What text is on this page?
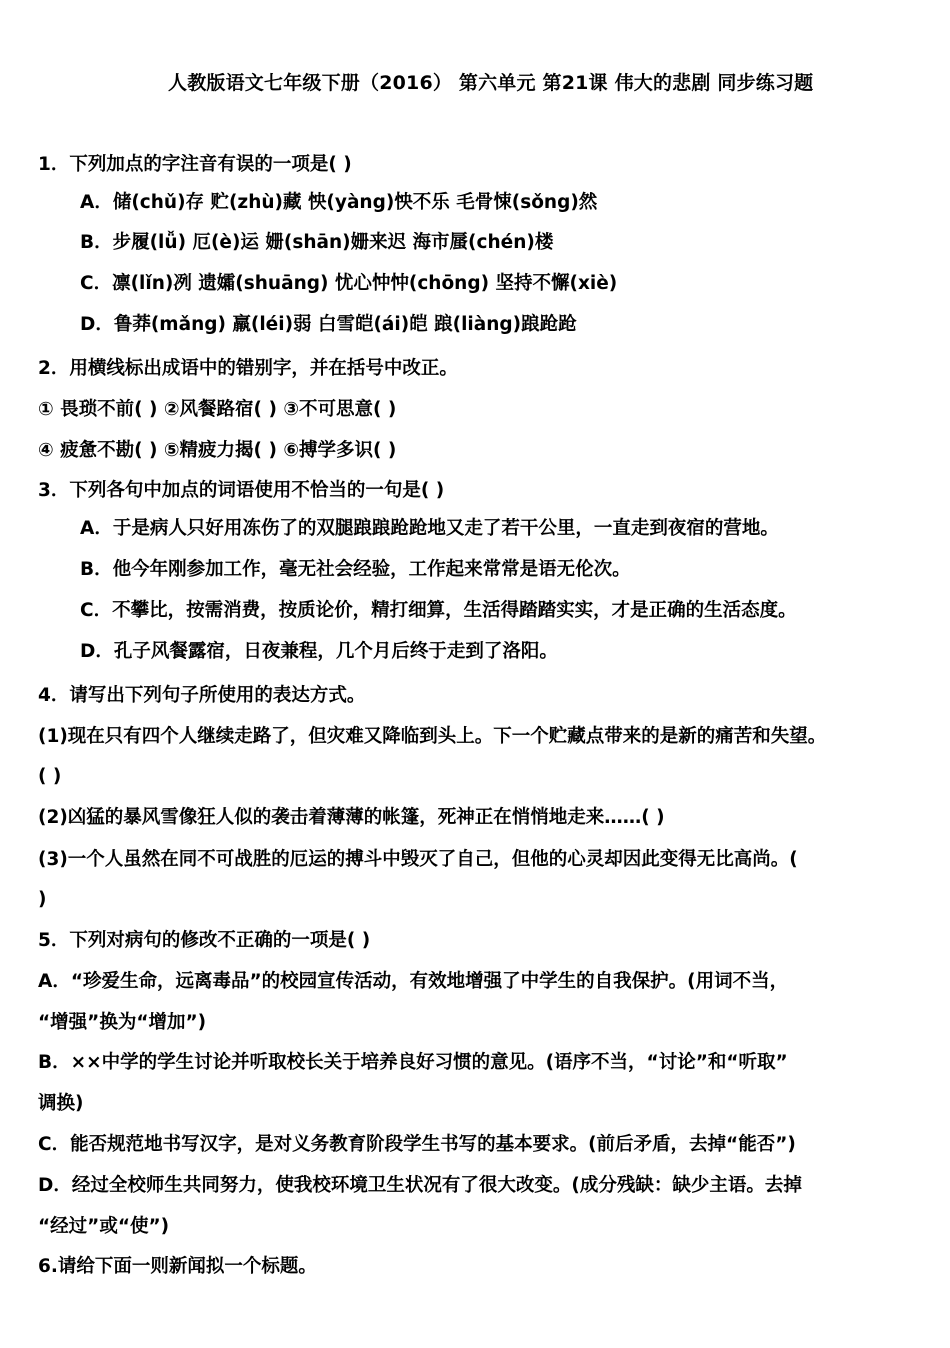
人教版语文七年级下册（2016） 第六单元 第21课 伟大的悲剧 同步练习题
1．下列加点的字注音有误的一项是( )
A．储(chǔ)存 贮(zhù)藏 怏(yàng)怏不乐 毛骨悚(sǒng)然
B．步履(lǚ) 厄(è)运 姗(shān)姗来迟 海市蜃(chén)楼
C．凛(lǐn)冽 遗孀(shuāng) 忧心忡忡(chōng) 坚持不懈(xiè)
D．鲁莽(mǎng) 羸(léi)弱 白雪皑(ái)皑 踉(liàng)踉跄跄
2．用横线标出成语中的错别字，并在括号中改正。
① 畏琐不前( ) ②风餐路宿( ) ③不可思意( )
④ 疲惫不勘( ) ⑤精疲力揭( ) ⑥搏学多识( )
3．下列各句中加点的词语使用不恰当的一句是( )
A．于是病人只好用冻伤了的双腿踉踉跄跄地又走了若干公里，一直走到夜宿的营地。
B．他今年刚参加工作，毫无社会经验，工作起来常常是语无伦次。
C．不攀比，按需消费，按质论价，精打细算，生活得踏踏实实，才是正确的生活态度。
D．孔子风餐露宿，日夜兼程，几个月后终于走到了洛阳。
4．请写出下列句子所使用的表达方式。
(1)现在只有四个人继续走路了，但灾难又降临到头上。下一个贮藏点带来的是新的痛苦和失望。
( )
(2)凶猛的暴风雪像狂人似的袭击着薄薄的帐篷，死神正在悄悄地走来……( )
(3)一个人虽然在同不可战胜的厄运的搏斗中毁灭了自己，但他的心灵却因此变得无比高尚。(
)
5．下列对病句的修改不正确的一项是( )
A．“珍爱生命，远离毒品”的校园宣传活动，有效地增强了中学生的自我保护。(用词不当，
“增强”换为“增加”)
B．××中学的学生讨论并听取校长关于培养良好习惯的意见。(语序不当，“讨论”和“听取”
调换)
C．能否规范地书写汉字，是对义务教育阶段学生书写的基本要求。(前后矛盾，去掉“能否”)
D．经过全校师生共同努力，使我校环境卫生状况有了很大改变。(成分残缺：缺少主语。去掉
“经过”或“使”)
6.请给下面一则新闻拟一个标题。
